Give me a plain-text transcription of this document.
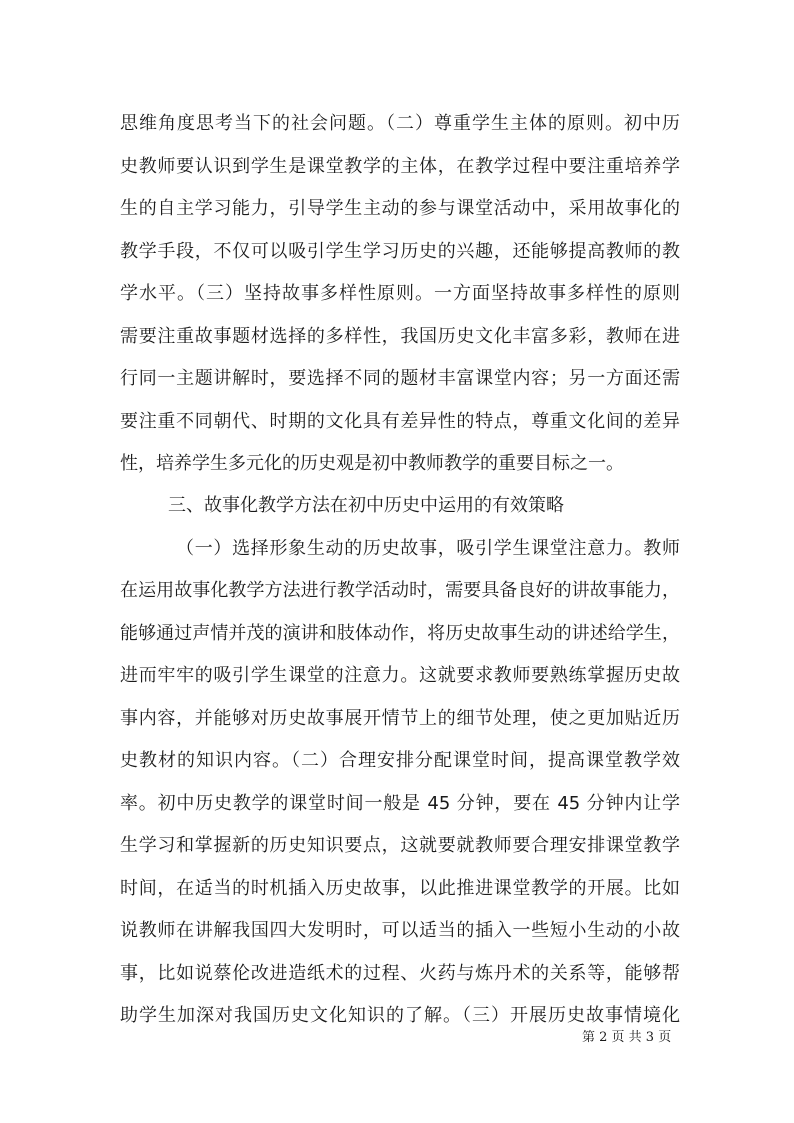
思维角度思考当下的社会问题。（二）尊重学生主体的原则。初中历
史教师要认识到学生是课堂教学的主体，在教学过程中要注重培养学
生的自主学习能力，引导学生主动的参与课堂活动中，采用故事化的
教学手段，不仅可以吸引学生学习历史的兴趣，还能够提高教师的教
学水平。（三）坚持故事多样性原则。一方面坚持故事多样性的原则
需要注重故事题材选择的多样性，我国历史文化丰富多彩，教师在进
行同一主题讲解时，要选择不同的题材丰富课堂内容；另一方面还需
要注重不同朝代、时期的文化具有差异性的特点，尊重文化间的差异
性，培养学生多元化的历史观是初中教师教学的重要目标之一。
三、故事化教学方法在初中历史中运用的有效策略
（一）选择形象生动的历史故事，吸引学生课堂注意力。教师
在运用故事化教学方法进行教学活动时，需要具备良好的讲故事能力，
能够通过声情并茂的演讲和肢体动作，将历史故事生动的讲述给学生，
进而牢牢的吸引学生课堂的注意力。这就要求教师要熟练掌握历史故
事内容，并能够对历史故事展开情节上的细节处理，使之更加贴近历
史教材的知识内容。（二）合理安排分配课堂时间，提高课堂教学效
率。初中历史教学的课堂时间一般是 45 分钟，要在 45 分钟内让学
生学习和掌握新的历史知识要点，这就要就教师要合理安排课堂教学
时间，在适当的时机插入历史故事，以此推进课堂教学的开展。比如
说教师在讲解我国四大发明时，可以适当的插入一些短小生动的小故
事，比如说蔡伦改进造纸术的过程、火药与炼丹术的关系等，能够帮
助学生加深对我国历史文化知识的了解。（三）开展历史故事情境化
第 2 页 共 3 页
